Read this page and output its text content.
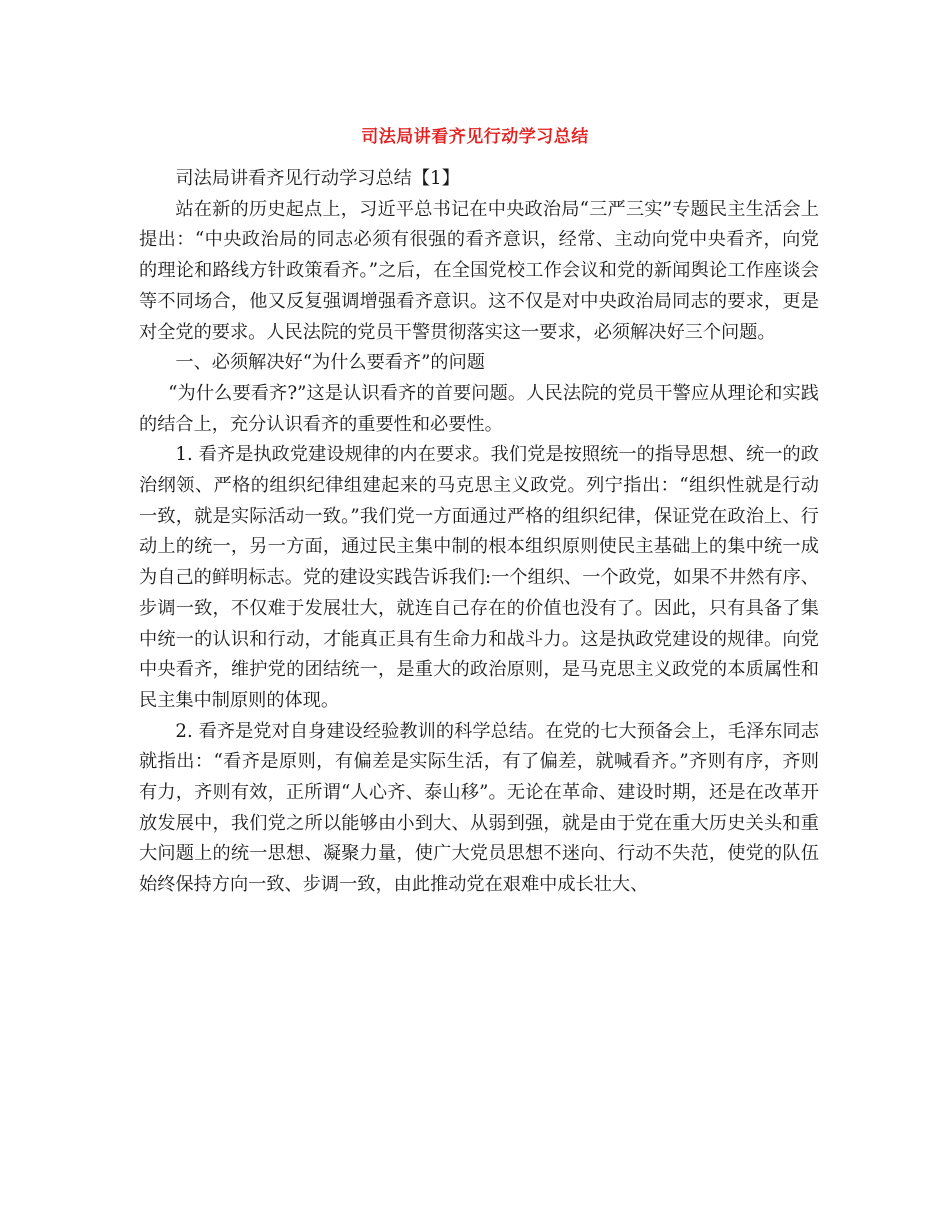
司法局讲看齐见行动学习总结

司法局讲看齐见行动学习总结【1】

站在新的历史起点上，习近平总书记在中央政治局“三严三实”专题民主生活会上提出：“中央政治局的同志必须有很强的看齐意识，经常、主动向党中央看齐，向党的理论和路线方针政策看齐。”之后，在全国党校工作会议和党的新闻舆论工作座谈会等不同场合，他又反复强调增强看齐意识。这不仅是对中央政治局同志的要求，更是对全党的要求。人民法院的党员干警贯彻落实这一要求，必须解决好三个问题。

一、必须解决好“为什么要看齐”的问题

“为什么要看齐?”这是认识看齐的首要问题。人民法院的党员干警应从理论和实践的结合上，充分认识看齐的重要性和必要性。

1. 看齐是执政党建设规律的内在要求。我们党是按照统一的指导思想、统一的政治纲领、严格的组织纪律组建起来的马克思主义政党。列宁指出：“组织性就是行动一致，就是实际活动一致。”我们党一方面通过严格的组织纪律，保证党在政治上、行动上的统一，另一方面，通过民主集中制的根本组织原则使民主基础上的集中统一成为自己的鲜明标志。党的建设实践告诉我们:一个组织、一个政党，如果不井然有序、步调一致，不仅难于发展壮大，就连自己存在的价值也没有了。因此，只有具备了集中统一的认识和行动，才能真正具有生命力和战斗力。这是执政党建设的规律。向党中央看齐，维护党的团结统一，是重大的政治原则，是马克思主义政党的本质属性和民主集中制原则的体现。

2. 看齐是党对自身建设经验教训的科学总结。在党的七大预备会上，毛泽东同志就指出：“看齐是原则，有偏差是实际生活，有了偏差，就喊看齐。”齐则有序，齐则有力，齐则有效，正所谓“人心齐、泰山移”。无论在革命、建设时期，还是在改革开放发展中，我们党之所以能够由小到大、从弱到强，就是由于党在重大历史关头和重大问题上的统一思想、凝聚力量，使广大党员思想不迷向、行动不失范，使党的队伍始终保持方向一致、步调一致，由此推动党在艰难中成长壮大、
